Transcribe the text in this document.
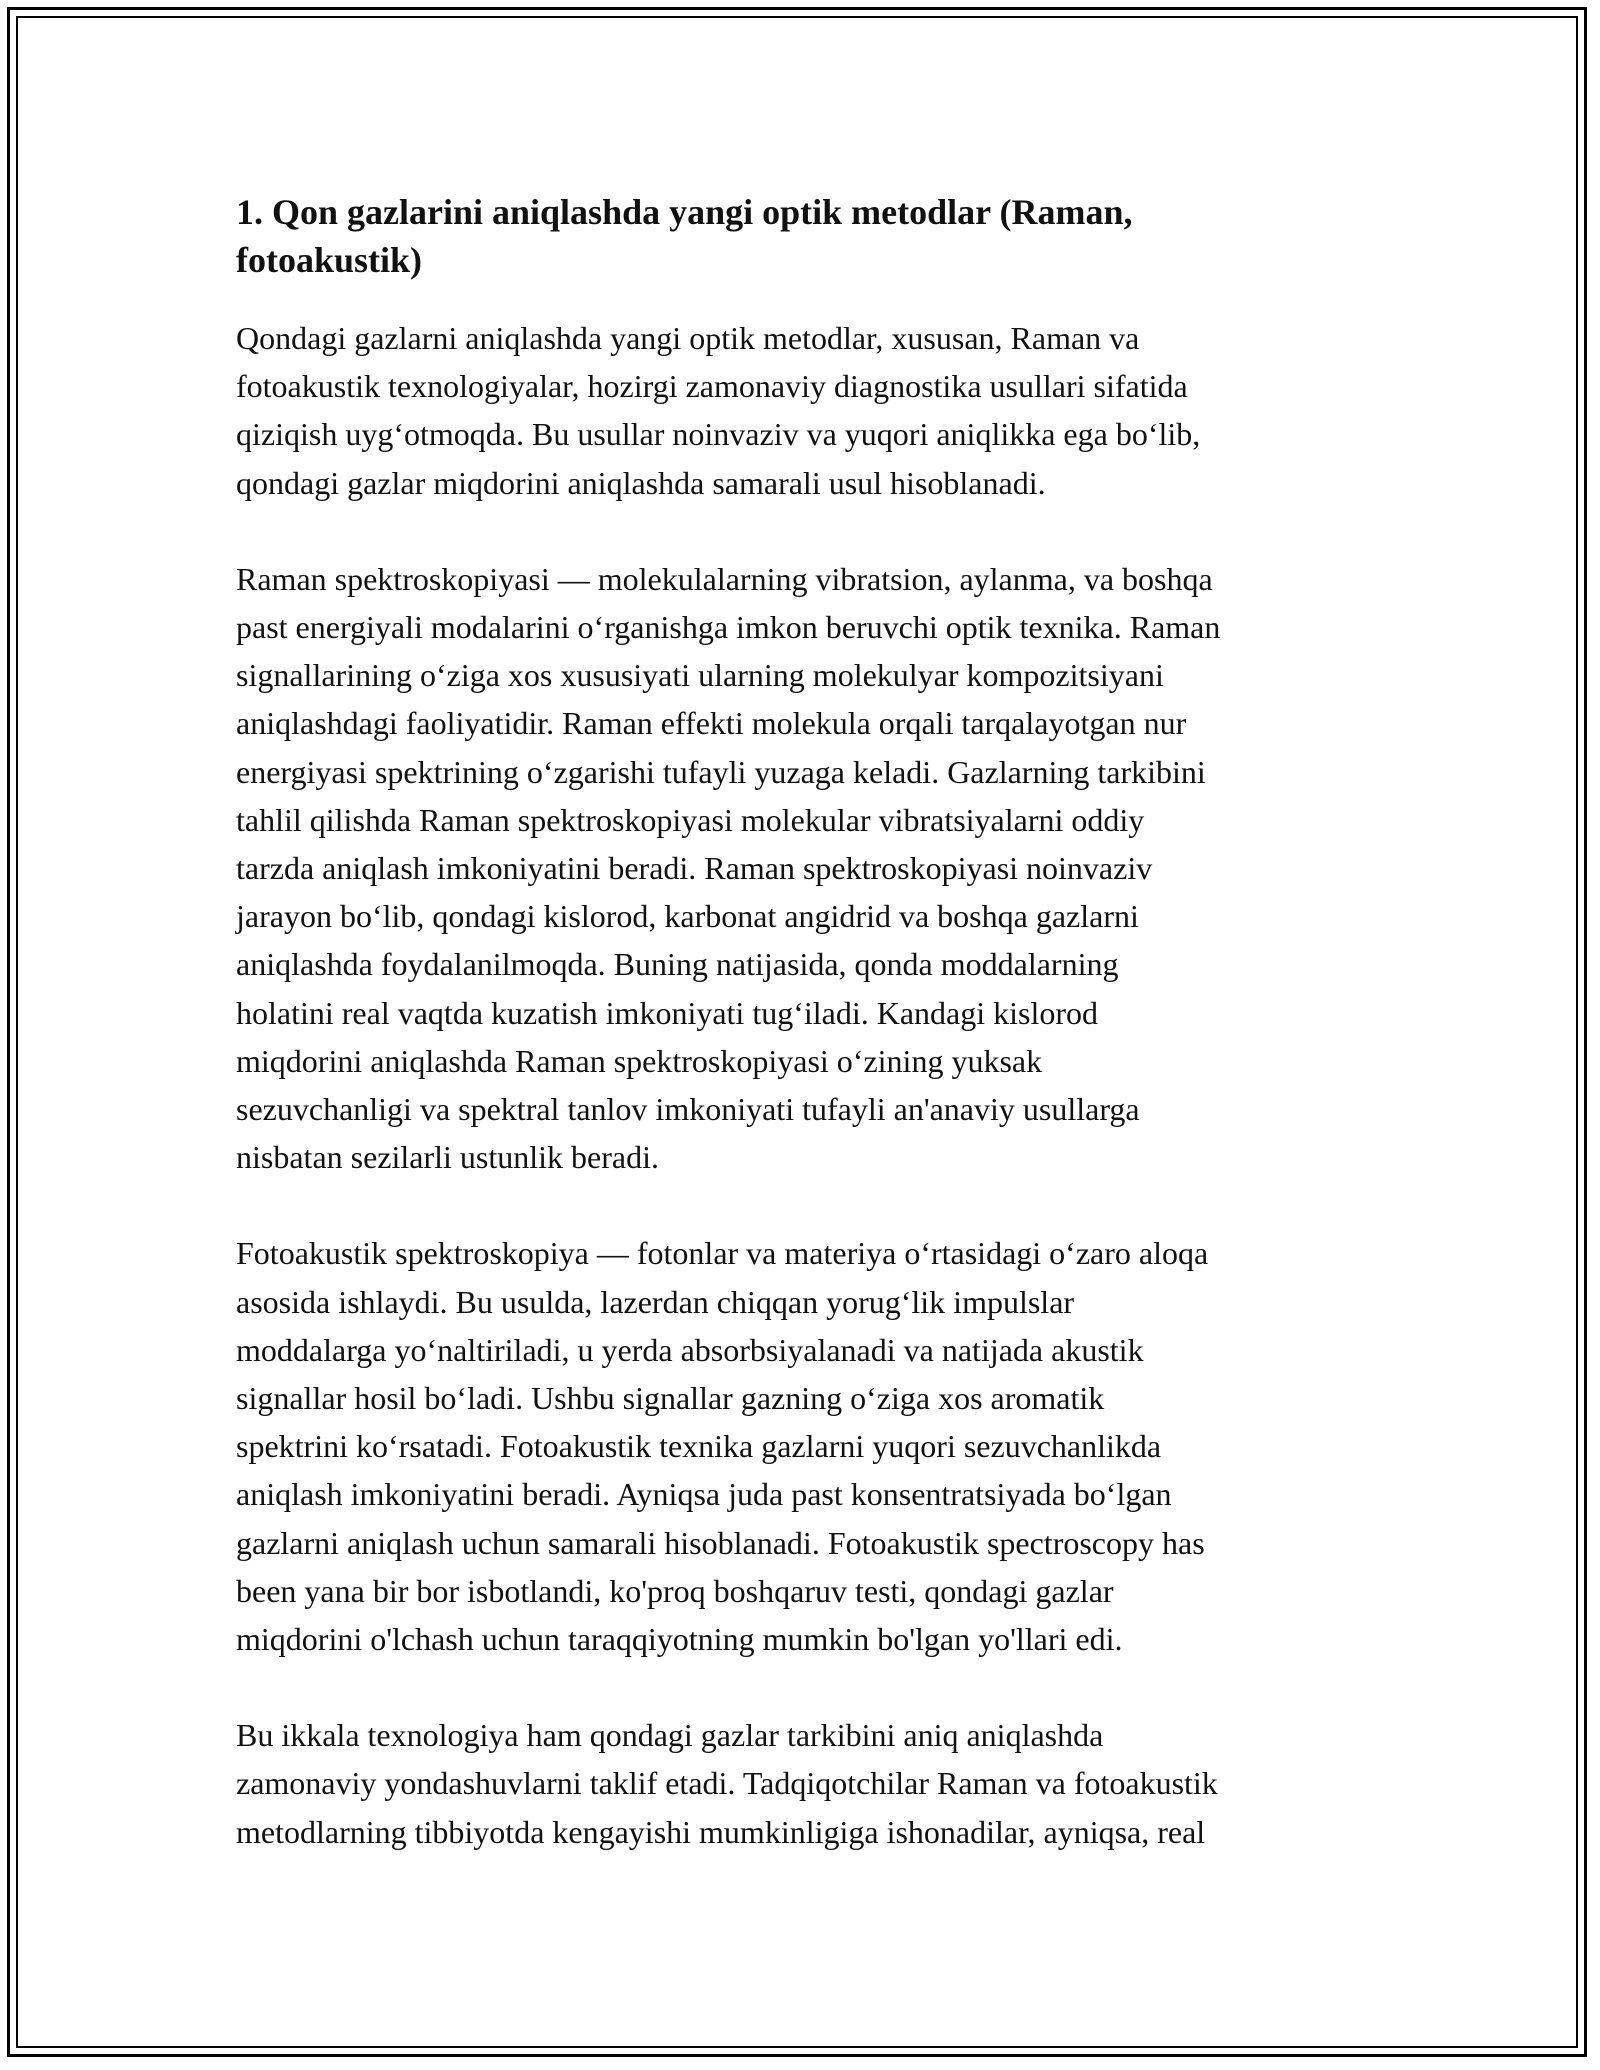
1. Qon gazlarini aniqlashda yangi optik metodlar (Raman,
fotoakustik)

Qondagi gazlarni aniqlashda yangi optik metodlar, xususan, Raman va
fotoakustik texnologiyalar, hozirgi zamonaviy diagnostika usullari sifatida
qiziqish uyg‘otmoqda. Bu usullar noinvaziv va yuqori aniqlikka ega bo‘lib,
qondagi gazlar miqdorini aniqlashda samarali usul hisoblanadi.

Raman spektroskopiyasi — molekulalarning vibratsion, aylanma, va boshqa
past energiyali modalarini o‘rganishga imkon beruvchi optik texnika. Raman
signallarining o‘ziga xos xususiyati ularning molekulyar kompozitsiyani
aniqlashdagi faoliyatidir. Raman effekti molekula orqali tarqalayotgan nur
energiyasi spektrining o‘zgarishi tufayli yuzaga keladi. Gazlarning tarkibini
tahlil qilishda Raman spektroskopiyasi molekular vibratsiyalarni oddiy
tarzda aniqlash imkoniyatini beradi. Raman spektroskopiyasi noinvaziv
jarayon bo‘lib, qondagi kislorod, karbonat angidrid va boshqa gazlarni
aniqlashda foydalanilmoqda. Buning natijasida, qonda moddalarning
holatini real vaqtda kuzatish imkoniyati tug‘iladi. Kandagi kislorod
miqdorini aniqlashda Raman spektroskopiyasi o‘zining yuksak
sezuvchanligi va spektral tanlov imkoniyati tufayli an'anaviy usullarga
nisbatan sezilarli ustunlik beradi.

Fotoakustik spektroskopiya — fotonlar va materiya o‘rtasidagi o‘zaro aloqa
asosida ishlaydi. Bu usulda, lazerdan chiqqan yorug‘lik impulslar
moddalarga yo‘naltiriladi, u yerda absorbsiyalanadi va natijada akustik
signallar hosil bo‘ladi. Ushbu signallar gazning o‘ziga xos aromatik
spektrini ko‘rsatadi. Fotoakustik texnika gazlarni yuqori sezuvchanlikda
aniqlash imkoniyatini beradi. Ayniqsa juda past konsentratsiyada bo‘lgan
gazlarni aniqlash uchun samarali hisoblanadi. Fotoakustik spectroscopy has
been yana bir bor isbotlandi, ko'proq boshqaruv testi, qondagi gazlar
miqdorini o'lchash uchun taraqqiyotning mumkin bo'lgan yo'llari edi.

Bu ikkala texnologiya ham qondagi gazlar tarkibini aniq aniqlashda
zamonaviy yondashuvlarni taklif etadi. Tadqiqotchilar Raman va fotoakustik
metodlarning tibbiyotda kengayishi mumkinligiga ishonadilar, ayniqsa, real
